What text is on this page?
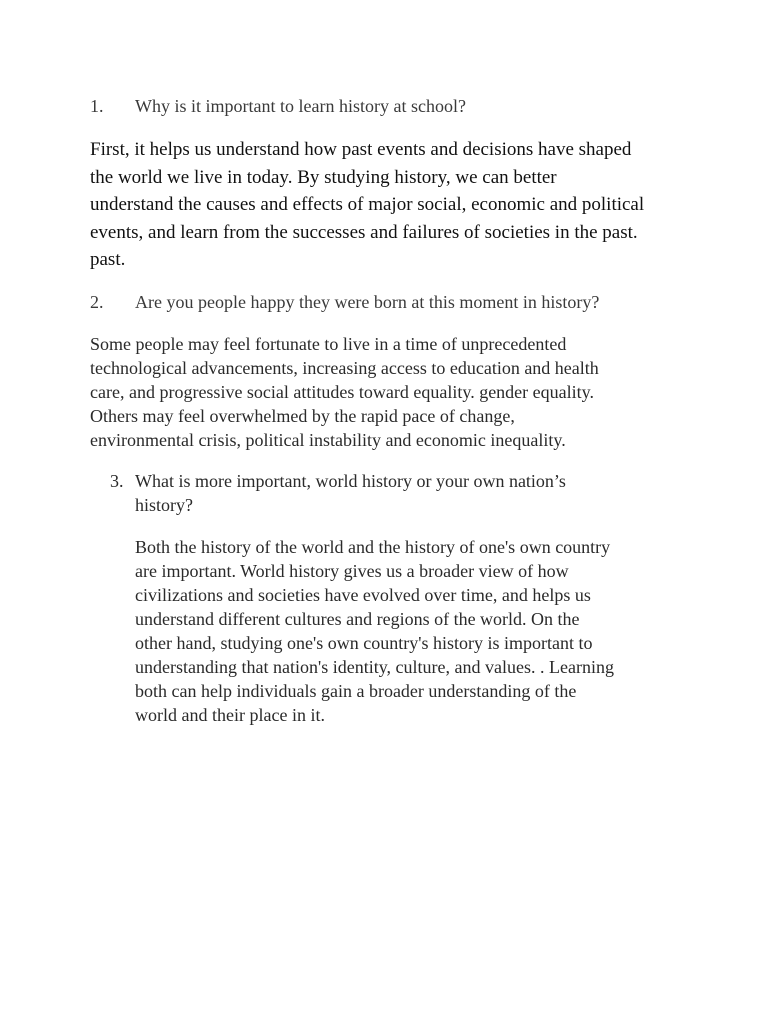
1. Why is it important to learn history at school?

First, it helps us understand how past events and decisions have shaped
the world we live in today. By studying history, we can better
understand the causes and effects of major social, economic and political
events, and learn from the successes and failures of societies in the past.
past.

2. Are you people happy they were born at this moment in history?

Some people may feel fortunate to live in a time of unprecedented
technological advancements, increasing access to education and health
care, and progressive social attitudes toward equality. gender equality.
Others may feel overwhelmed by the rapid pace of change,
environmental crisis, political instability and economic inequality.

3. What is more important, world history or your own nation’s
history?

Both the history of the world and the history of one's own country
are important. World history gives us a broader view of how
civilizations and societies have evolved over time, and helps us
understand different cultures and regions of the world. On the
other hand, studying one's own country's history is important to
understanding that nation's identity, culture, and values. . Learning
both can help individuals gain a broader understanding of the
world and their place in it.
